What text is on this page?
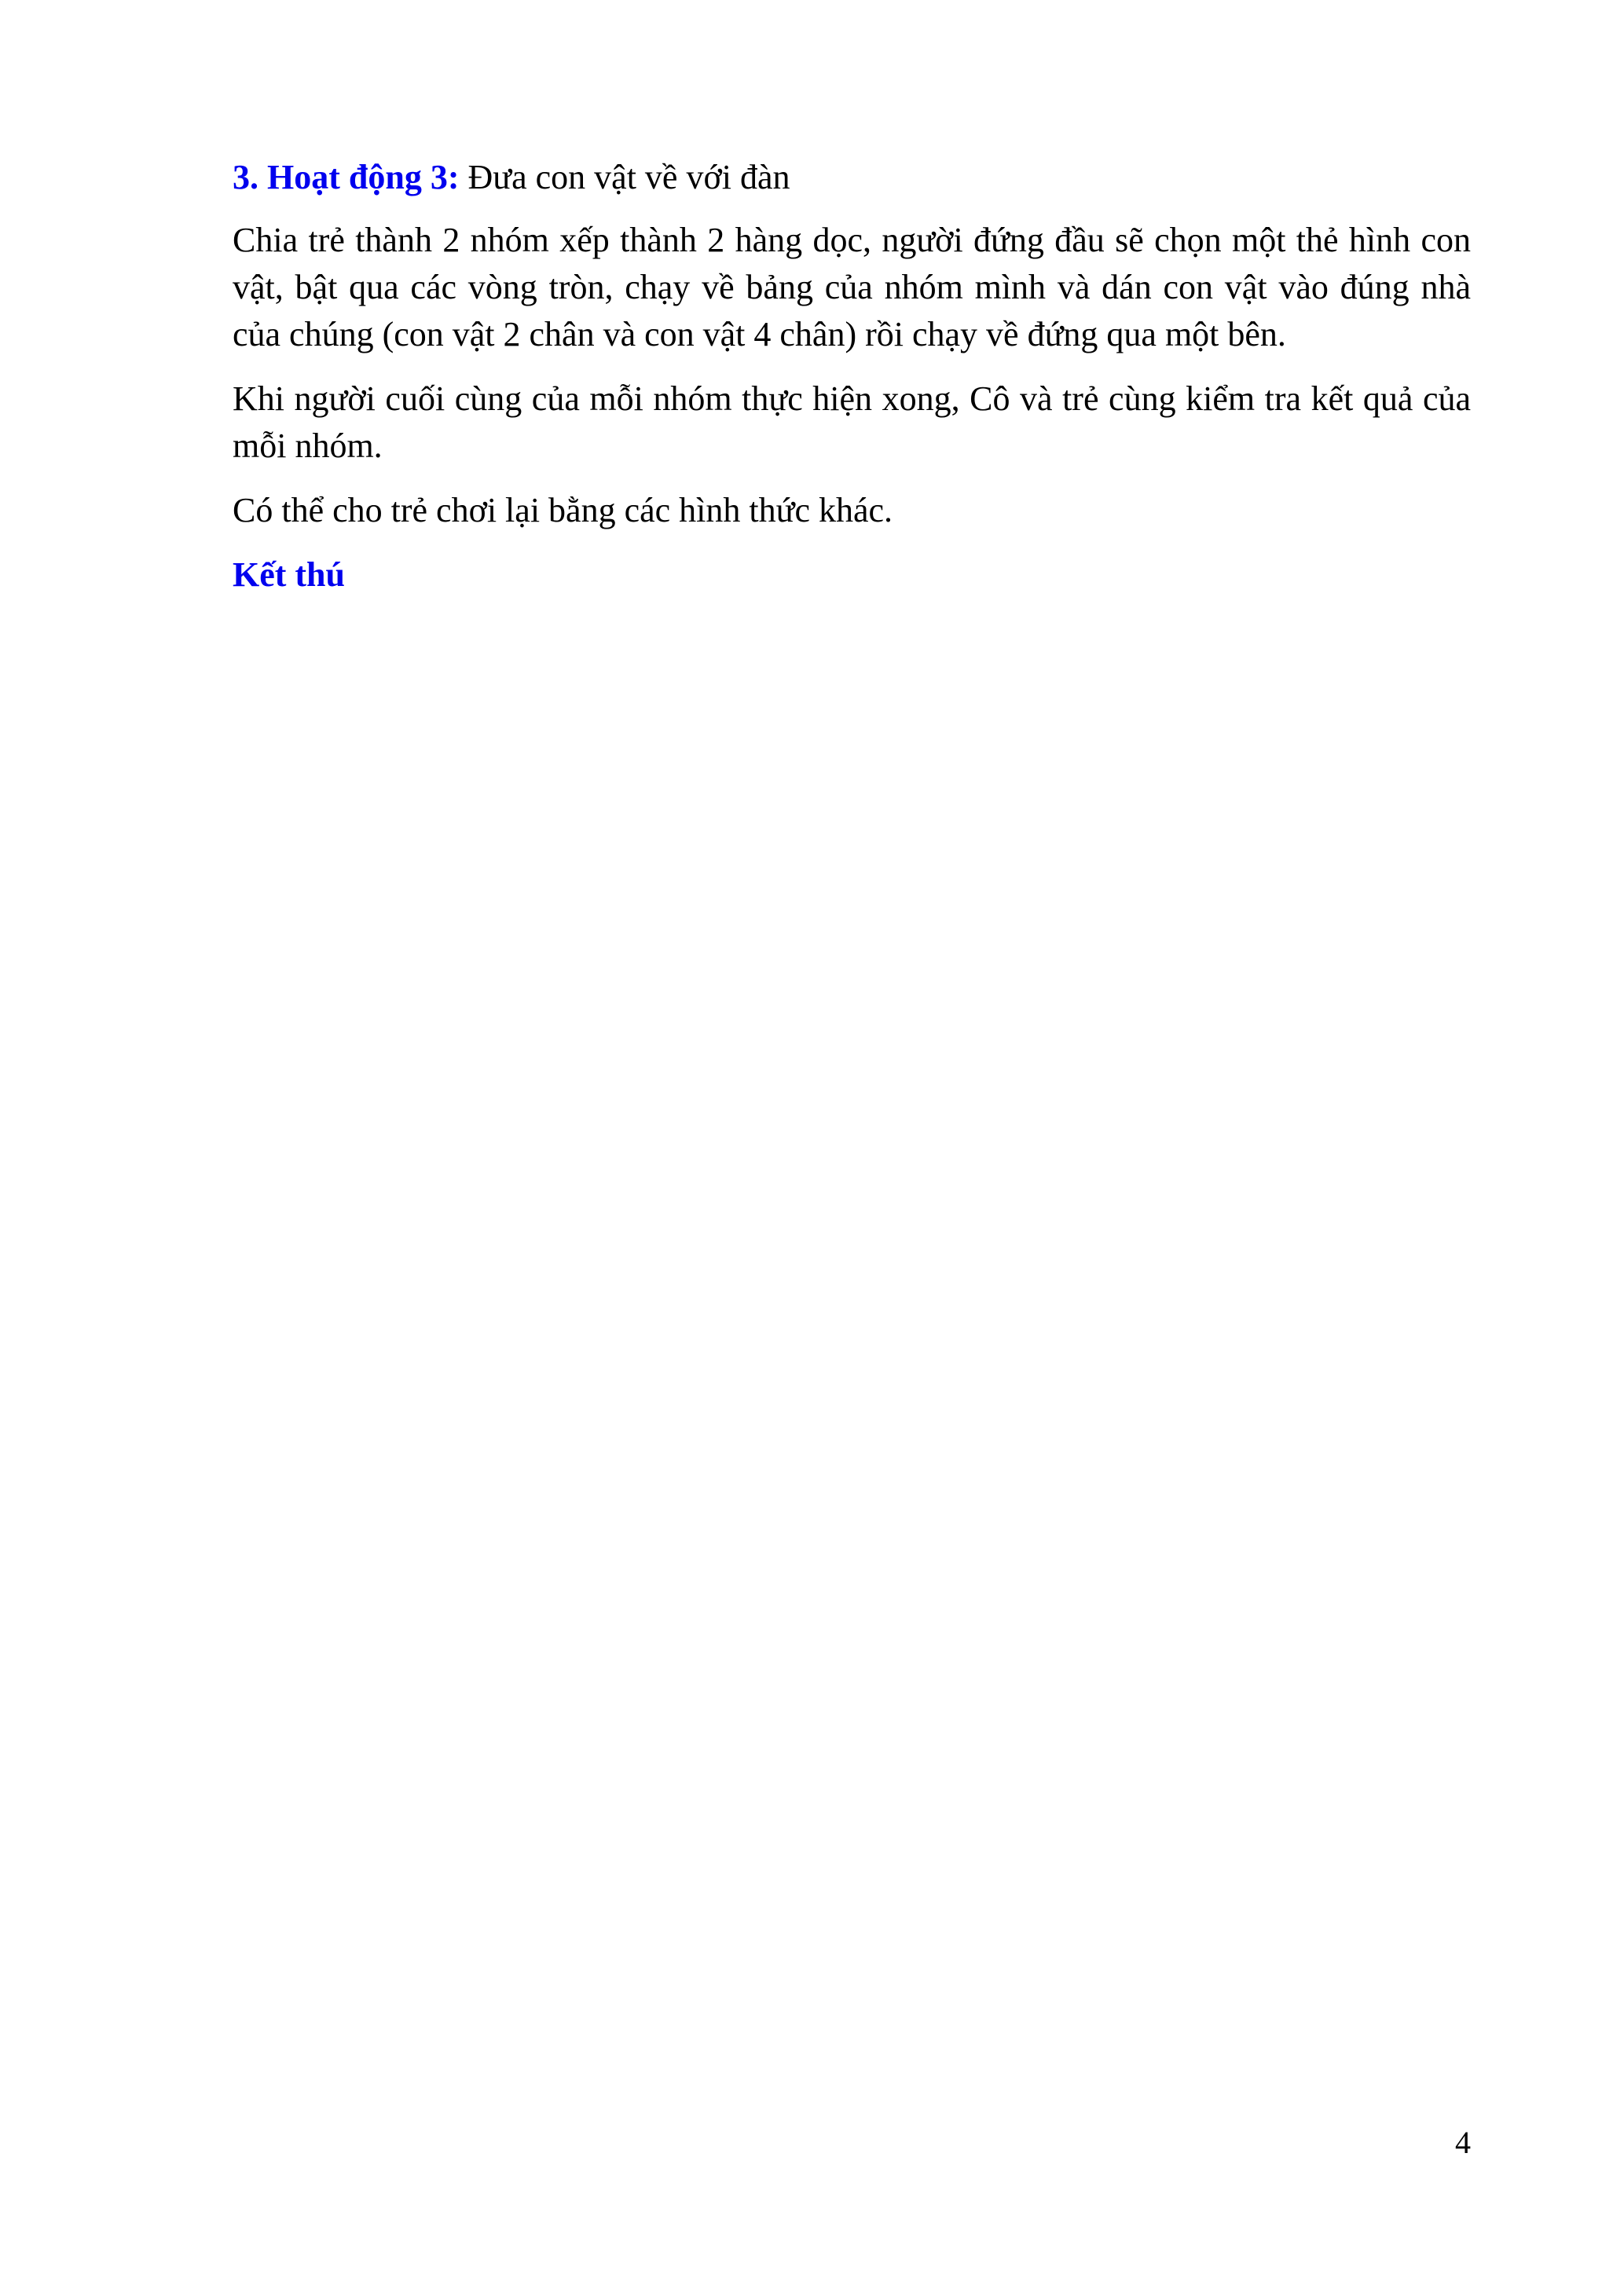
3. Hoạt động 3: Đưa con vật về với đàn

Chia trẻ thành 2 nhóm xếp thành 2 hàng dọc, người đứng đầu sẽ chọn một thẻ hình con vật, bật qua các vòng tròn, chạy về bảng của nhóm mình và dán con vật vào đúng nhà của chúng (con vật 2 chân và con vật 4 chân) rồi chạy về đứng qua một bên.

Khi người cuối cùng của mỗi nhóm thực hiện xong, Cô và trẻ cùng kiểm tra kết quả của mỗi nhóm.

Có thể cho trẻ chơi lại bằng các hình thức khác.

Kết thú

4
